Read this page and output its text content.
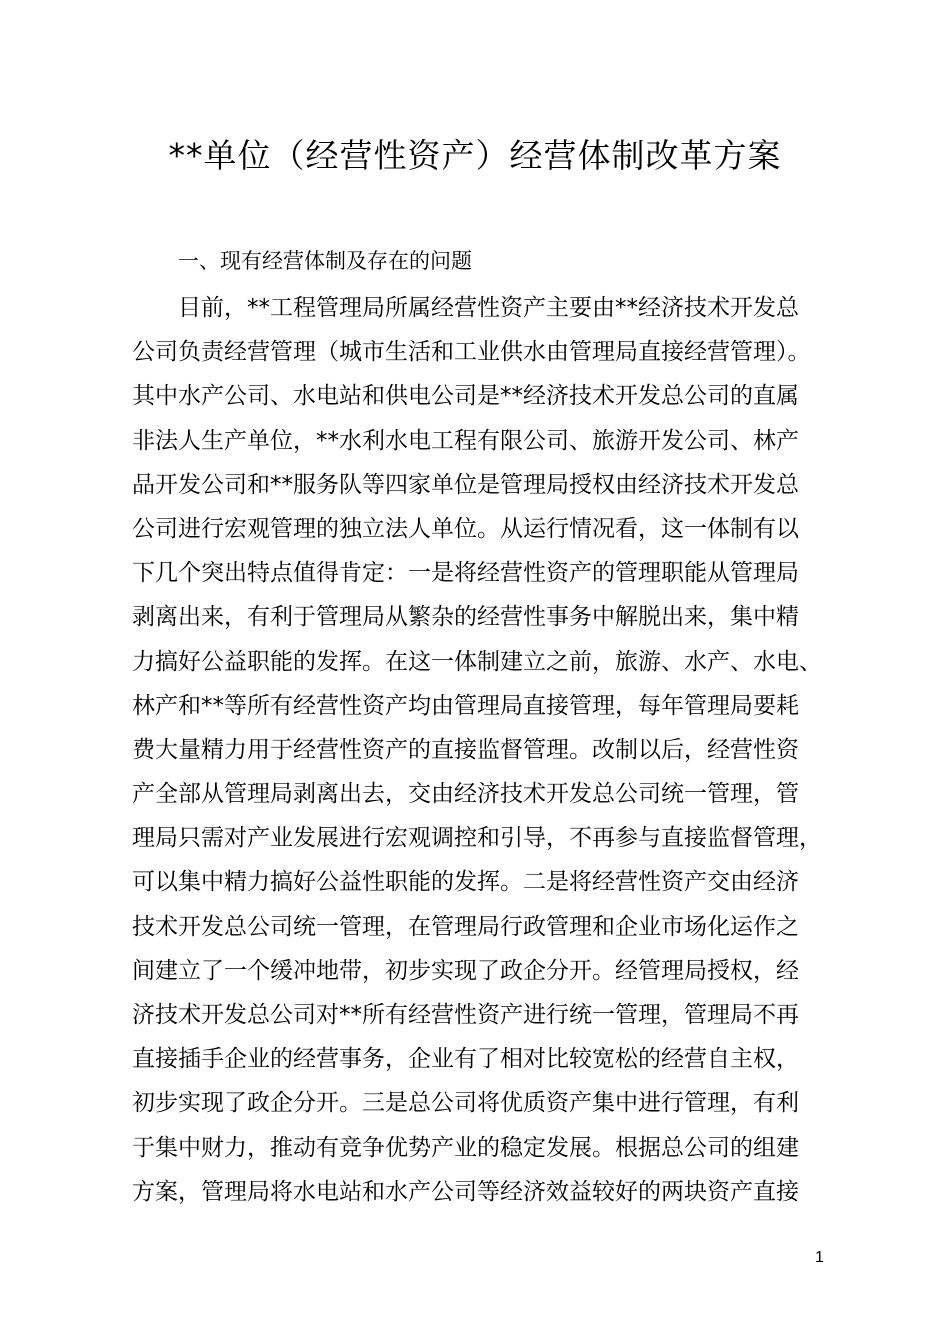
**单位（经营性资产）经营体制改革方案

一、现有经营体制及存在的问题

目前，**工程管理局所属经营性资产主要由**经济技术开发总
公司负责经营管理（城市生活和工业供水由管理局直接经营管理）。
其中水产公司、水电站和供电公司是**经济技术开发总公司的直属
非法人生产单位，**水利水电工程有限公司、旅游开发公司、林产
品开发公司和**服务队等四家单位是管理局授权由经济技术开发总
公司进行宏观管理的独立法人单位。从运行情况看，这一体制有以
下几个突出特点值得肯定：一是将经营性资产的管理职能从管理局
剥离出来，有利于管理局从繁杂的经营性事务中解脱出来，集中精
力搞好公益职能的发挥。在这一体制建立之前，旅游、水产、水电、
林产和**等所有经营性资产均由管理局直接管理，每年管理局要耗
费大量精力用于经营性资产的直接监督管理。改制以后，经营性资
产全部从管理局剥离出去，交由经济技术开发总公司统一管理，管
理局只需对产业发展进行宏观调控和引导，不再参与直接监督管理，
可以集中精力搞好公益性职能的发挥。二是将经营性资产交由经济
技术开发总公司统一管理，在管理局行政管理和企业市场化运作之
间建立了一个缓冲地带，初步实现了政企分开。经管理局授权，经
济技术开发总公司对**所有经营性资产进行统一管理，管理局不再
直接插手企业的经营事务，企业有了相对比较宽松的经营自主权，
初步实现了政企分开。三是总公司将优质资产集中进行管理，有利
于集中财力，推动有竞争优势产业的稳定发展。根据总公司的组建
方案，管理局将水电站和水产公司等经济效益较好的两块资产直接
1
